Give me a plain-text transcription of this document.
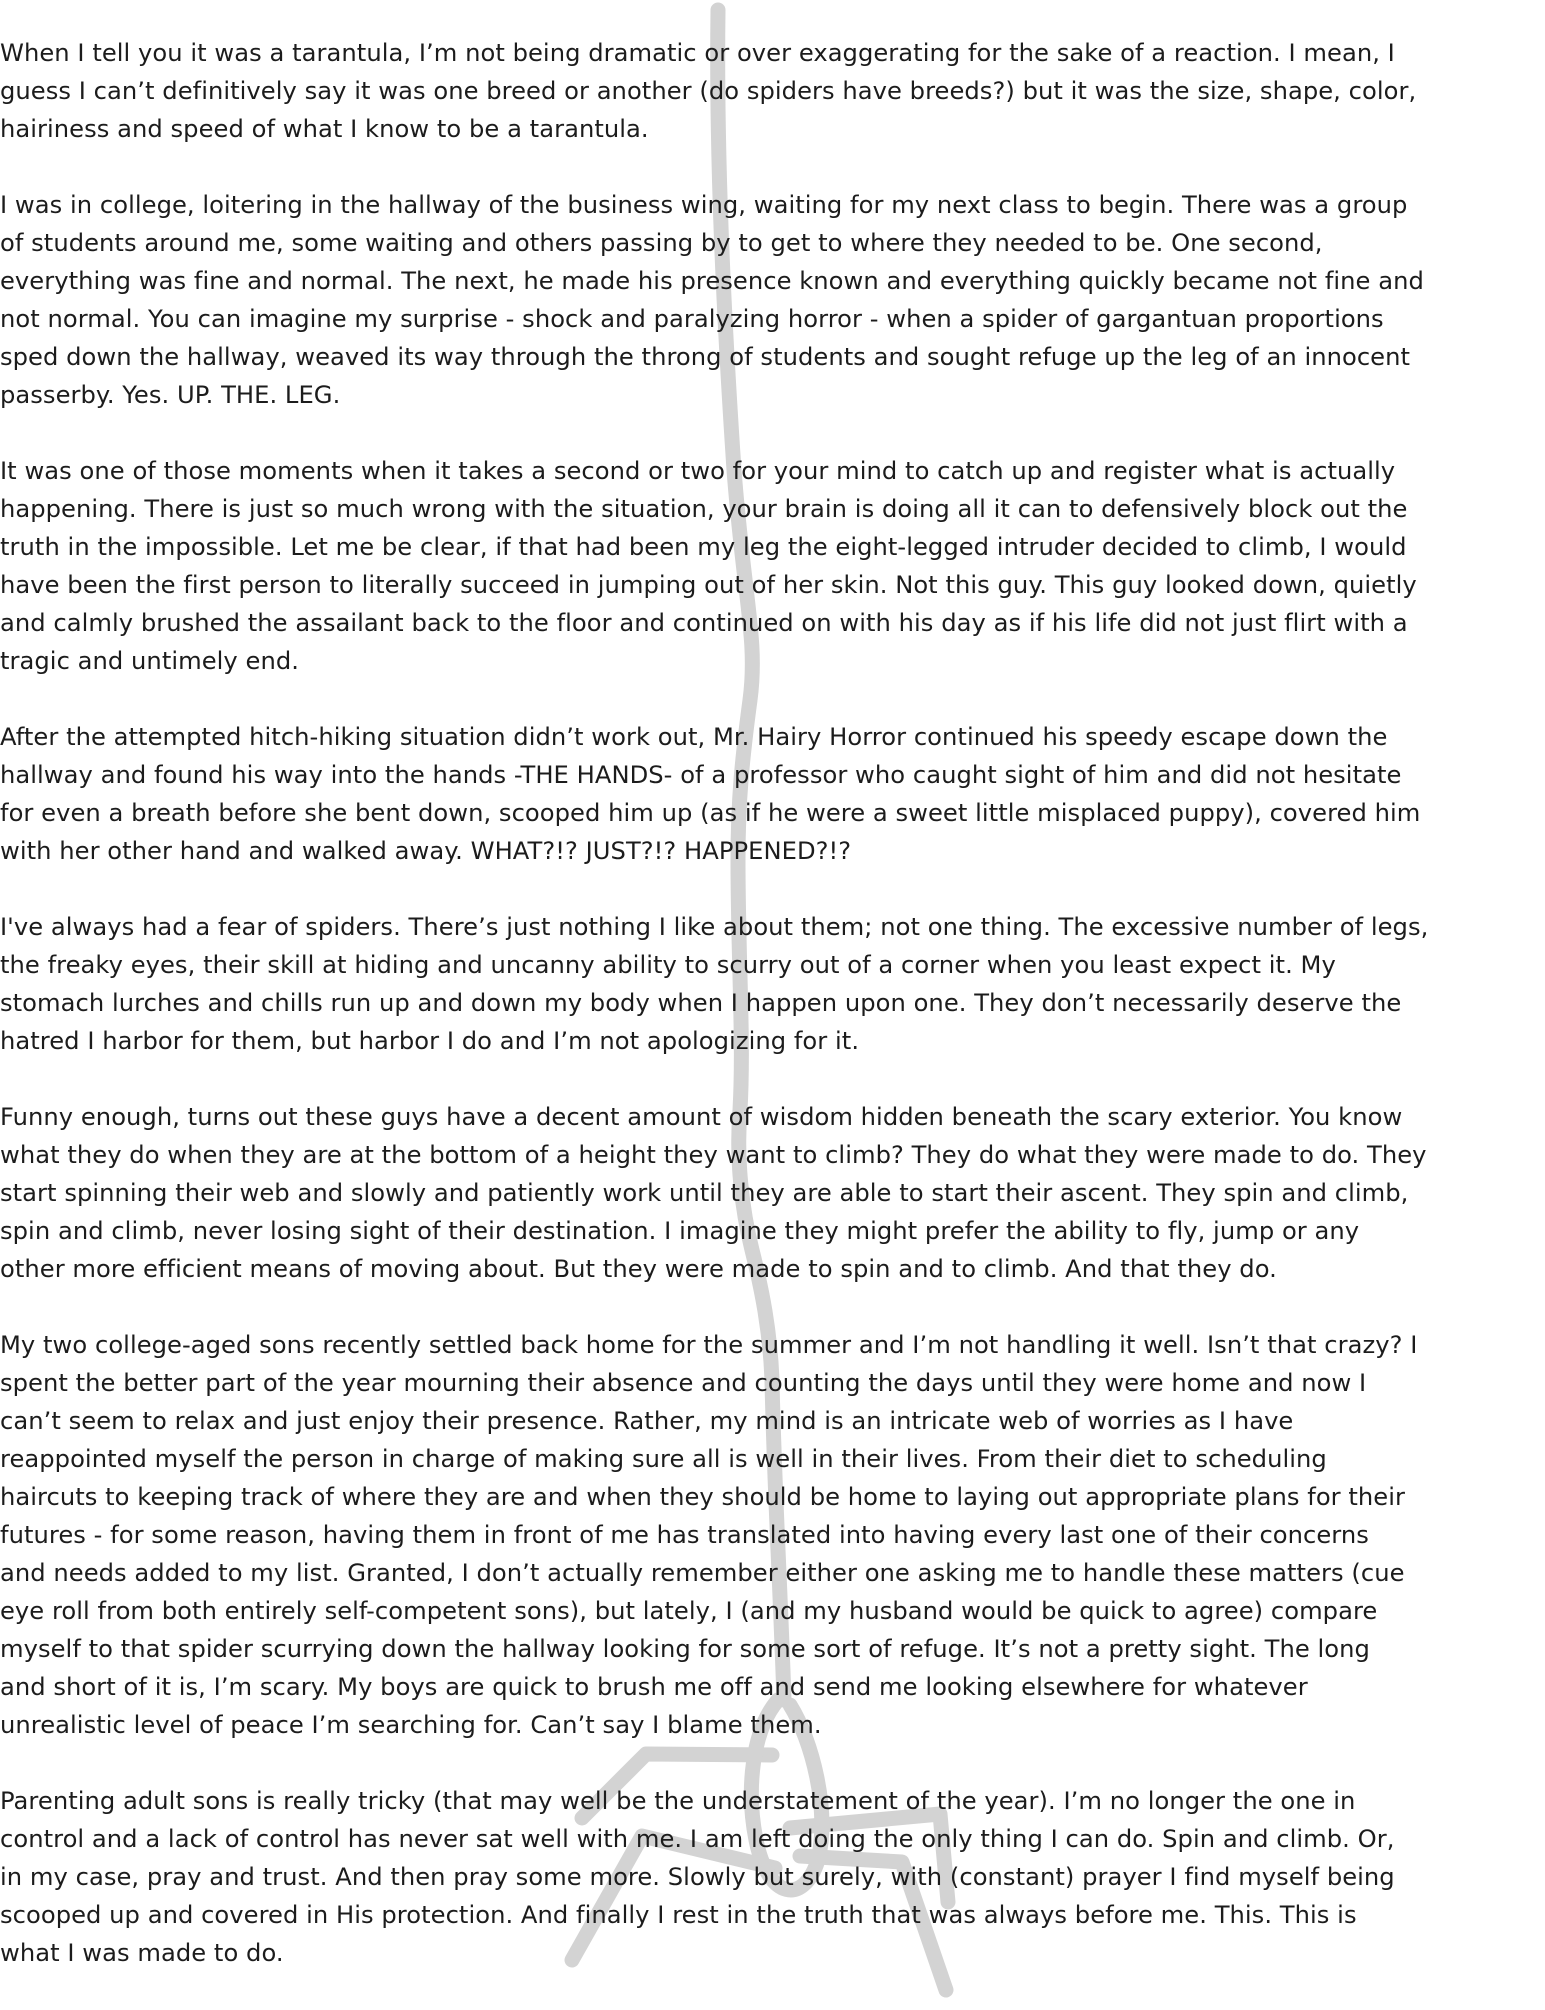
When I tell you it was a tarantula, I’m not being dramatic or over exaggerating for the sake of a reaction. I mean, I
guess I can’t definitively say it was one breed or another (do spiders have breeds?) but it was the size, shape, color,
hairiness and speed of what I know to be a tarantula.

I was in college, loitering in the hallway of the business wing, waiting for my next class to begin. There was a group
of students around me, some waiting and others passing by to get to where they needed to be. One second,
everything was fine and normal. The next, he made his presence known and everything quickly became not fine and
not normal. You can imagine my surprise - shock and paralyzing horror - when a spider of gargantuan proportions
sped down the hallway, weaved its way through the throng of students and sought refuge up the leg of an innocent
passerby. Yes. UP. THE. LEG.

It was one of those moments when it takes a second or two for your mind to catch up and register what is actually
happening. There is just so much wrong with the situation, your brain is doing all it can to defensively block out the
truth in the impossible. Let me be clear, if that had been my leg the eight-legged intruder decided to climb, I would
have been the first person to literally succeed in jumping out of her skin. Not this guy. This guy looked down, quietly
and calmly brushed the assailant back to the floor and continued on with his day as if his life did not just flirt with a
tragic and untimely end.

After the attempted hitch-hiking situation didn’t work out, Mr. Hairy Horror continued his speedy escape down the
hallway and found his way into the hands -THE HANDS- of a professor who caught sight of him and did not hesitate
for even a breath before she bent down, scooped him up (as if he were a sweet little misplaced puppy), covered him
with her other hand and walked away. WHAT?!? JUST?!? HAPPENED?!?

I've always had a fear of spiders. There’s just nothing I like about them; not one thing. The excessive number of legs,
the freaky eyes, their skill at hiding and uncanny ability to scurry out of a corner when you least expect it. My
stomach lurches and chills run up and down my body when I happen upon one. They don’t necessarily deserve the
hatred I harbor for them, but harbor I do and I’m not apologizing for it.

Funny enough, turns out these guys have a decent amount of wisdom hidden beneath the scary exterior. You know
what they do when they are at the bottom of a height they want to climb? They do what they were made to do. They
start spinning their web and slowly and patiently work until they are able to start their ascent. They spin and climb,
spin and climb, never losing sight of their destination. I imagine they might prefer the ability to fly, jump or any
other more efficient means of moving about. But they were made to spin and to climb. And that they do.

My two college-aged sons recently settled back home for the summer and I’m not handling it well. Isn’t that crazy? I
spent the better part of the year mourning their absence and counting the days until they were home and now I
can’t seem to relax and just enjoy their presence. Rather, my mind is an intricate web of worries as I have
reappointed myself the person in charge of making sure all is well in their lives. From their diet to scheduling
haircuts to keeping track of where they are and when they should be home to laying out appropriate plans for their
futures - for some reason, having them in front of me has translated into having every last one of their concerns
and needs added to my list. Granted, I don’t actually remember either one asking me to handle these matters (cue
eye roll from both entirely self-competent sons), but lately, I (and my husband would be quick to agree) compare
myself to that spider scurrying down the hallway looking for some sort of refuge. It’s not a pretty sight. The long
and short of it is, I’m scary. My boys are quick to brush me off and send me looking elsewhere for whatever
unrealistic level of peace I’m searching for. Can’t say I blame them.

Parenting adult sons is really tricky (that may well be the understatement of the year). I’m no longer the one in
control and a lack of control has never sat well with me. I am left doing the only thing I can do. Spin and climb. Or,
in my case, pray and trust. And then pray some more. Slowly but surely, with (constant) prayer I find myself being
scooped up and covered in His protection. And finally I rest in the truth that was always before me. This. This is
what I was made to do.
